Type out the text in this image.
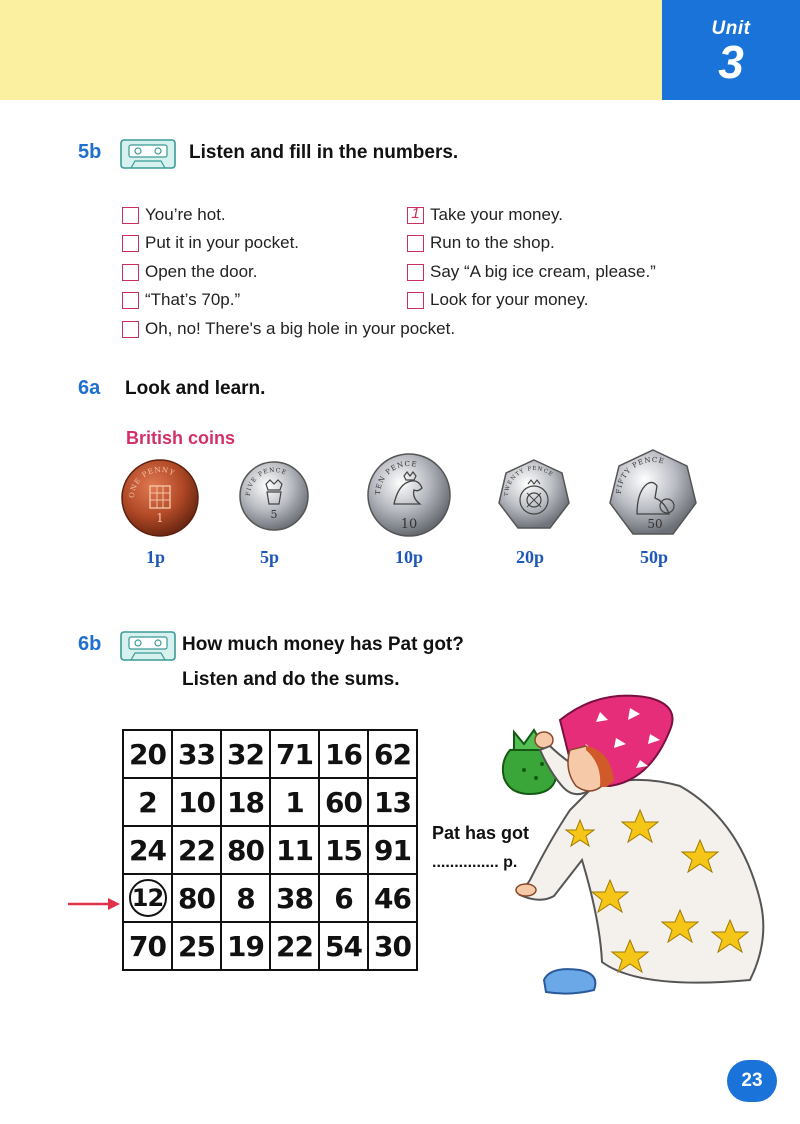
Unit
3
5b	Listen and fill in the numbers.
You’re hot.
Put it in your pocket.
Open the door.
“That’s 70p.”
1 Take your money.
Run to the shop.
Say “A big ice cream, please.”
Look for your money.
Oh, no! There's a big hole in your pocket.
6a Look and learn.
British coins
ONE PENNY
1
1p
FIVE PENCE
5
5p
TEN PENCE
10
10p
TWENTY PENCE
20p
FIFTY PENCE
50
50p
6b	How much money has Pat got?
Listen and do the sums.
20	33	32	71	16	62
2	10	18	1	60	13
24	22	80	11	15	91
12	80	8	38	6	46
70	25	19	22	54	30
Pat has got
............... p.
23
